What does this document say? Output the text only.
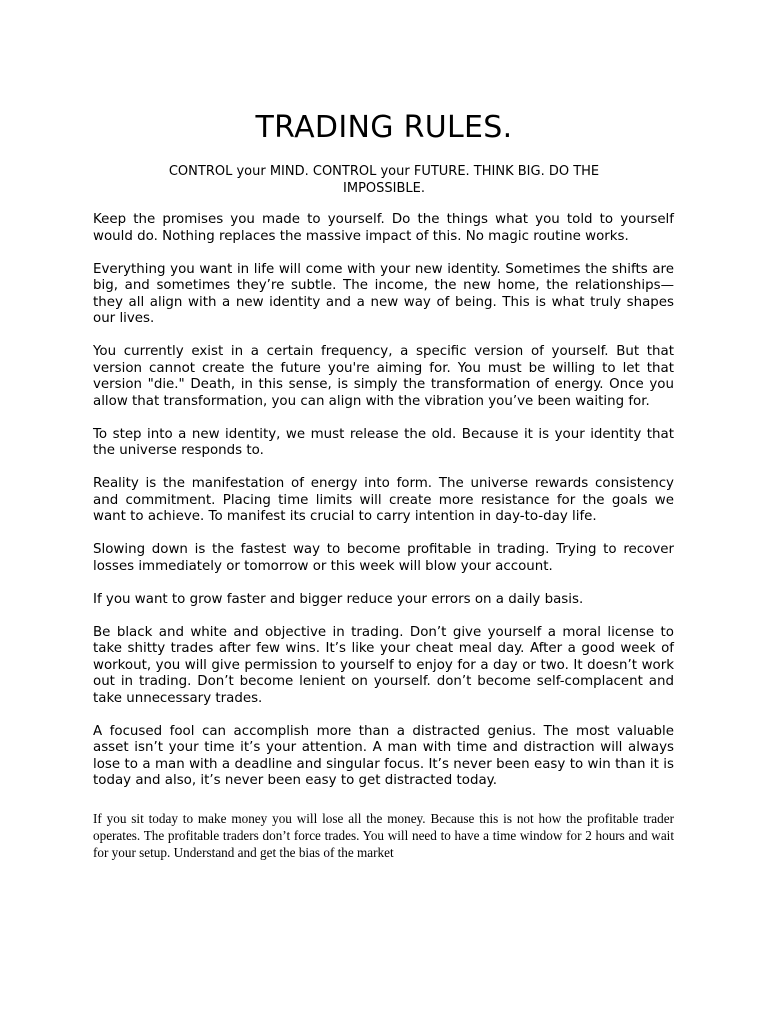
TRADING RULES.

CONTROL your MIND. CONTROL your FUTURE. THINK BIG. DO THE IMPOSSIBLE.

Keep the promises you made to yourself. Do the things what you told to yourself would do. Nothing replaces the massive impact of this. No magic routine works.

Everything you want in life will come with your new identity. Sometimes the shifts are big, and sometimes they’re subtle. The income, the new home, the relationships—they all align with a new identity and a new way of being. This is what truly shapes our lives.

You currently exist in a certain frequency, a specific version of yourself. But that version cannot create the future you're aiming for. You must be willing to let that version "die." Death, in this sense, is simply the transformation of energy. Once you allow that transformation, you can align with the vibration you’ve been waiting for.

To step into a new identity, we must release the old. Because it is your identity that the universe responds to.

Reality is the manifestation of energy into form. The universe rewards consistency and commitment. Placing time limits will create more resistance for the goals we want to achieve. To manifest its crucial to carry intention in day-to-day life.

Slowing down is the fastest way to become profitable in trading. Trying to recover losses immediately or tomorrow or this week will blow your account.

If you want to grow faster and bigger reduce your errors on a daily basis.

Be black and white and objective in trading. Don’t give yourself a moral license to take shitty trades after few wins. It’s like your cheat meal day. After a good week of workout, you will give permission to yourself to enjoy for a day or two. It doesn’t work out in trading. Don’t become lenient on yourself. don’t become self-complacent and take unnecessary trades.

A focused fool can accomplish more than a distracted genius. The most valuable asset isn’t your time it’s your attention. A man with time and distraction will always lose to a man with a deadline and singular focus. It’s never been easy to win than it is today and also, it’s never been easy to get distracted today.

If you sit today to make money you will lose all the money. Because this is not how the profitable trader operates. The profitable traders don’t force trades. You will need to have a time window for 2 hours and wait for your setup. Understand and get the bias of the market
